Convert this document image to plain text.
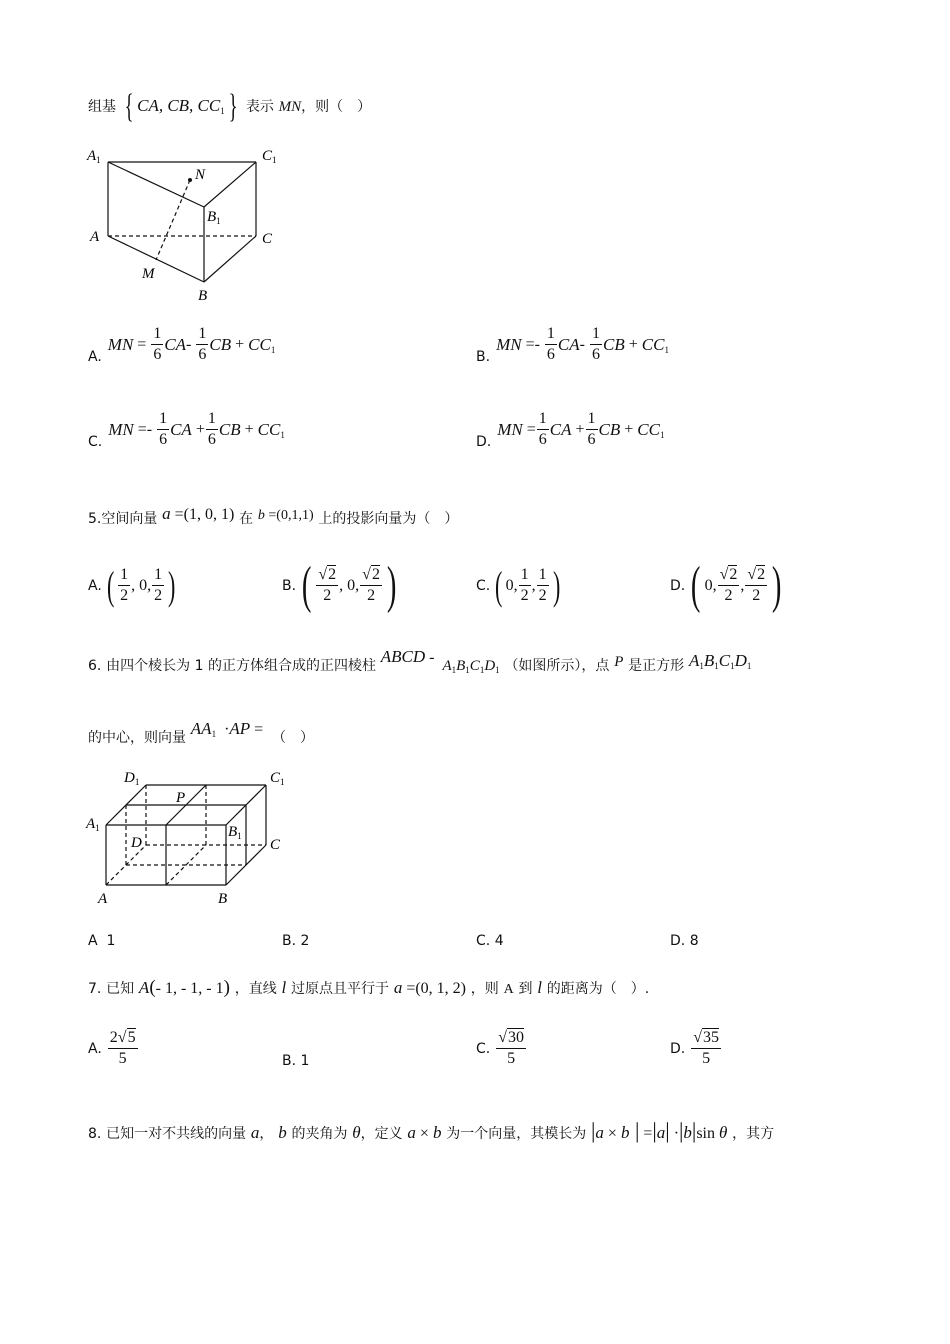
组基 { CA, CB, $CC_1$ } 表示 MN，则（　）
$A_1$	$C_1$
N
$B_1$
A	C
M
B
A.
MN = $\frac{1}{6}$ CA - $\frac{1}{6}$ CB + $CC_1$	B.
MN =- $\frac{1}{6}$ CA - $\frac{1}{6}$ CB + $CC_1$
C.
MN =- $\frac{1}{6}$ CA + $\frac{1}{6}$ CB + $CC_1$	D.
MN = $\frac{1}{6}$ CA + $\frac{1}{6}$ CB + $CC_1$
5.空间向量 a =(1, 0, 1) 在 b =(0,1,1) 上的投影向量为（　）
A. ( $\frac{1}{2}$ , 0, $\frac{1}{2}$ )	B. ( $\frac{√2}{2}$ , 0, $\frac{√2}{2}$ )	C. ( 0, $\frac{1}{2}$ , $\frac{1}{2}$ )	D. ( 0, $\frac{√2}{2}$ , $\frac{√2}{2}$ )
6. 由四个棱长为 1 的正方体组合成的正四棱柱 ABCD -  $A_1B_1C_1D_1$ （如图所示），点 P 是正方形 $A_1B_1C_1D_1$
的中心，则向量 $AA_1 \cdot AP$ = （　）
$D_1$	$C_1$
P
$A_1$	$B_1$
D	C
A	B
A
1	B.
2	C.
4	D.
8
7. 已知 A(- 1, - 1, - 1) ，直线 l 过原点且平行于 a =(0, 1, 2) ，则 A 到 l 的距离为（　）.
A. $\frac{2√5}{5}$	B.
1
C. $\frac{√30}{5}$	D. $\frac{√35}{5}$
8. 已知一对不共线的向量 a， b 的夹角为 θ，定义 a × b 为一个向量，其模长为 |a × b | =|a| ·|b|sin θ ，其方
